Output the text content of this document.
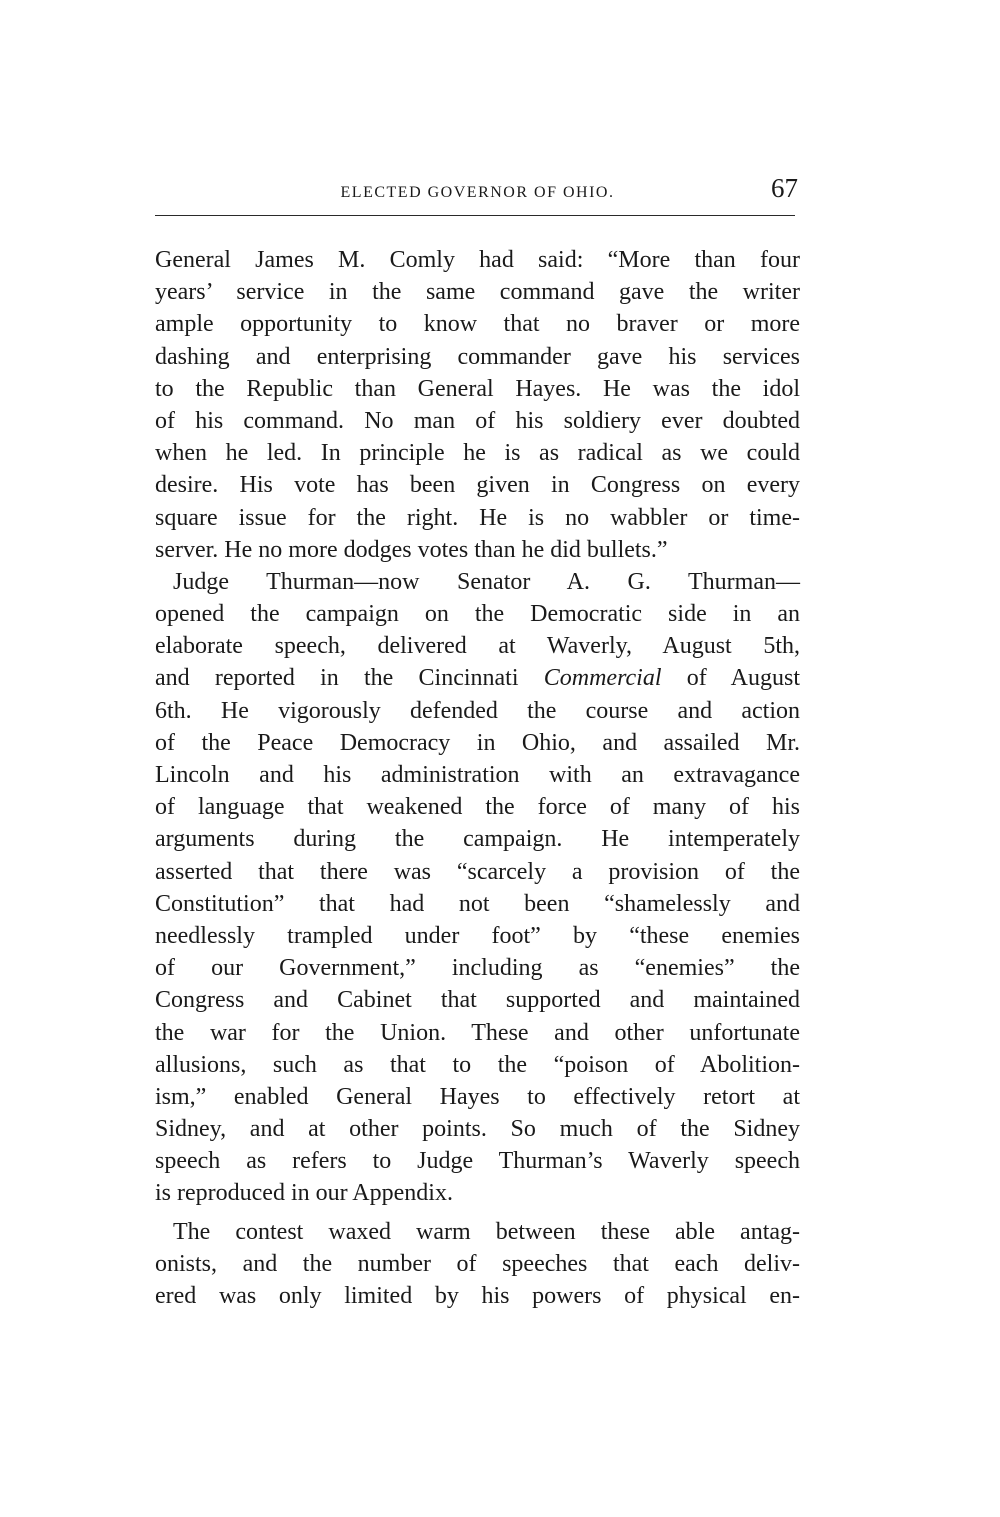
ELECTED GOVERNOR OF OHIO.	67
General James M. Comly had said: “More than four
years’ service in the same command gave the writer
ample opportunity to know that no braver or more
dashing and enterprising commander gave his services
to the Republic than General Hayes. He was the idol
of his command. No man of his soldiery ever doubted
when he led. In principle he is as radical as we could
desire. His vote has been given in Congress on every
square issue for the right. He is no wabbler or time-
server. He no more dodges votes than he did bullets.”
Judge Thurman—now Senator A. G. Thurman—
opened the campaign on the Democratic side in an
elaborate speech, delivered at Waverly, August 5th,
and reported in the Cincinnati Commercial of August
6th. He vigorously defended the course and action
of the Peace Democracy in Ohio, and assailed Mr.
Lincoln and his administration with an extravagance
of language that weakened the force of many of his
arguments during the campaign. He intemperately
asserted that there was “scarcely a provision of the
Constitution” that had not been “shamelessly and
needlessly trampled under foot” by “these enemies
of our Government,” including as “enemies” the
Congress and Cabinet that supported and maintained
the war for the Union. These and other unfortunate
allusions, such as that to the “poison of Abolition-
ism,” enabled General Hayes to effectively retort at
Sidney, and at other points. So much of the Sidney
speech as refers to Judge Thurman’s Waverly speech
is reproduced in our Appendix.
The contest waxed warm between these able antag-
onists, and the number of speeches that each deliv-
ered was only limited by his powers of physical en-
